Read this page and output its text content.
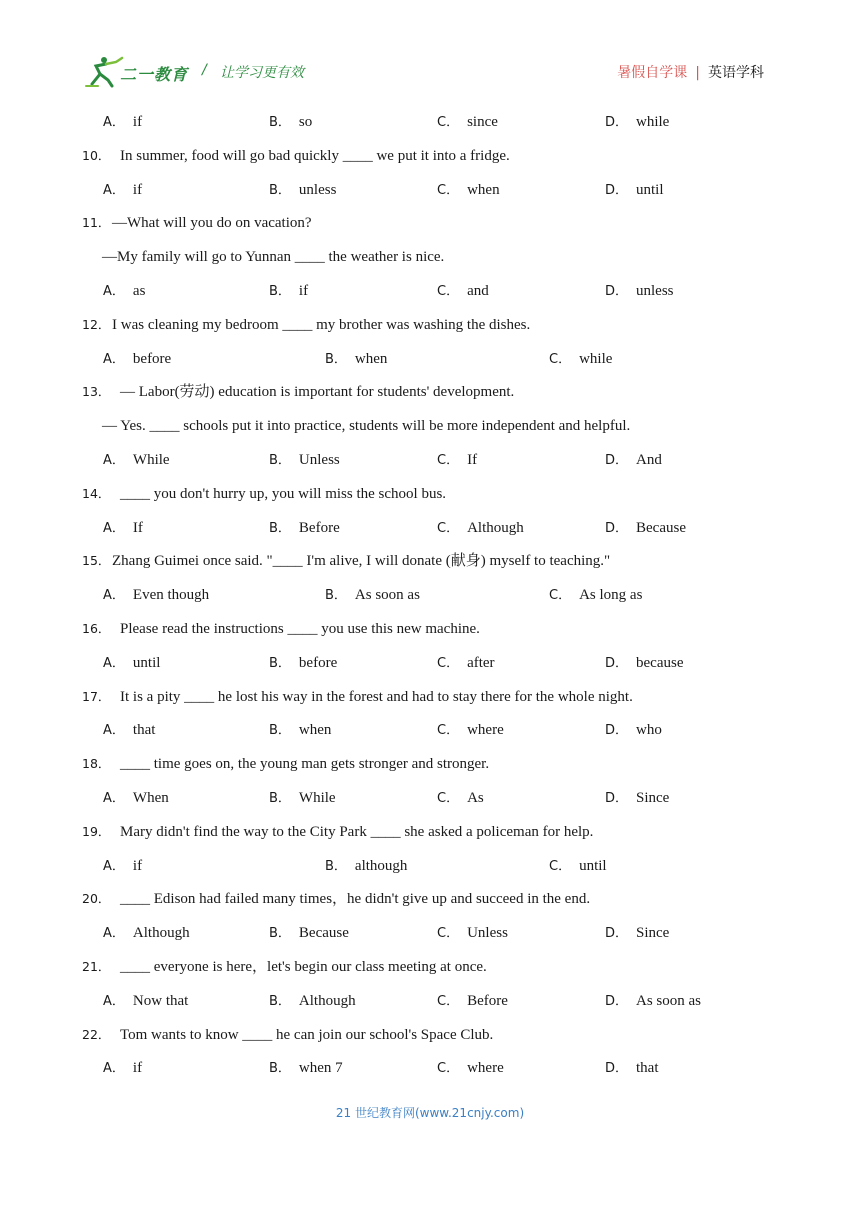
二一教育 / 让学习更有效	暑假自学课 | 英语学科
A． if	B． so	C． since	D． while
10． In summer, food will go bad quickly ____ we put it into a fridge.
A． if	B． unless	C． when	D． until
11． —What will you do on vacation?
—My family will go to Yunnan ____ the weather is nice.
A． as	B． if	C． and	D． unless
12． I was cleaning my bedroom ____ my brother was washing the dishes.
A． before	B． when	C． while
13． — Labor(劳动) education is important for students' development.
— Yes. ____ schools put it into practice, students will be more independent and helpful.
A． While	B． Unless	C． If	D． And
14． ____ you don't hurry up, you will miss the school bus.
A． If	B． Before	C． Although	D． Because
15． Zhang Guimei once said. "____ I'm alive, I will donate (献身) myself to teaching."
A． Even though	B． As soon as	C． As long as
16． Please read the instructions ____ you use this new machine.
A． until	B． before	C． after	D． because
17． It is a pity ____ he lost his way in the forest and had to stay there for the whole night.
A． that	B． when	C． where	D． who
18． ____ time goes on, the young man gets stronger and stronger.
A． When	B． While	C． As	D． Since
19． Mary didn't find the way to the City Park ____ she asked a policeman for help.
A． if	B． although	C． until
20． ____ Edison had failed many times，he didn't give up and succeed in the end.
A． Although	B． Because	C． Unless	D． Since
21． ____ everyone is here，let's begin our class meeting at once.
A． Now that	B． Although	C． Before	D． As soon as
22． Tom wants to know ____ he can join our school's Space Club.
A． if	B． when 7	C． where	D． that
21 世纪教育网(www.21cnjy.com)
